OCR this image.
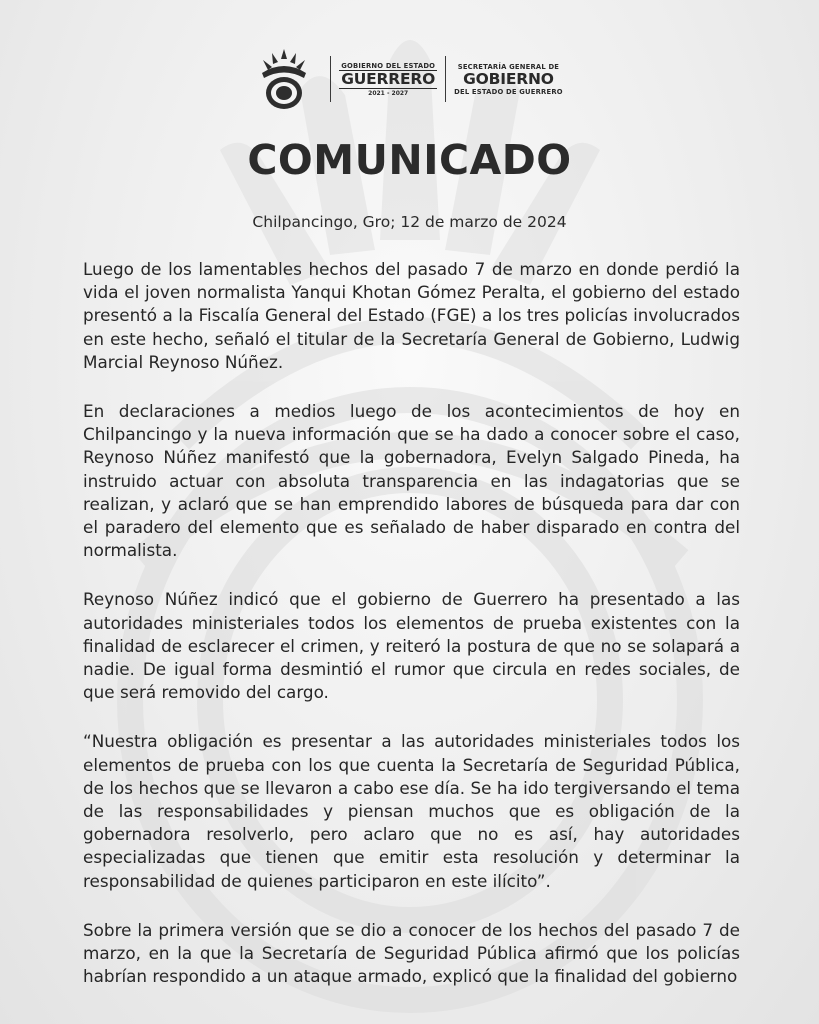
GOBIERNO DEL ESTADO
GUERRERO
2021 - 2027
SECRETARÍA GENERAL DE
GOBIERNO
DEL ESTADO DE GUERRERO
COMUNICADO
Chilpancingo, Gro; 12 de marzo de 2024

Luego de los lamentables hechos del pasado 7 de marzo en donde perdió la vida el joven normalista Yanqui Khotan Gómez Peralta, el gobierno del estado presentó a la Fiscalía General del Estado (FGE) a los tres policías involucrados en este hecho, señaló el titular de la Secretaría General de Gobierno, Ludwig Marcial Reynoso Núñez.

En declaraciones a medios luego de los acontecimientos de hoy en Chilpancingo y la nueva información que se ha dado a conocer sobre el caso, Reynoso Núñez manifestó que la gobernadora, Evelyn Salgado Pineda, ha instruido actuar con absoluta transparencia en las indagatorias que se realizan, y aclaró que se han emprendido labores de búsqueda para dar con el paradero del elemento que es señalado de haber disparado en contra del normalista.

Reynoso Núñez indicó que el gobierno de Guerrero ha presentado a las autoridades ministeriales todos los elementos de prueba existentes con la finalidad de esclarecer el crimen, y reiteró la postura de que no se solapará a nadie. De igual forma desmintió el rumor que circula en redes sociales, de que será removido del cargo.

“Nuestra obligación es presentar a las autoridades ministeriales todos los elementos de prueba con los que cuenta la Secretaría de Seguridad Pública, de los hechos que se llevaron a cabo ese día. Se ha ido tergiversando el tema de las responsabilidades y piensan muchos que es obligación de la gobernadora resolverlo, pero aclaro que no es así, hay autoridades especializadas que tienen que emitir esta resolución y determinar la responsabilidad de quienes participaron en este ilícito”.

Sobre la primera versión que se dio a conocer de los hechos del pasado 7 de marzo, en la que la Secretaría de Seguridad Pública afirmó que los policías habrían respondido a un ataque armado, explicó que la finalidad del gobierno
